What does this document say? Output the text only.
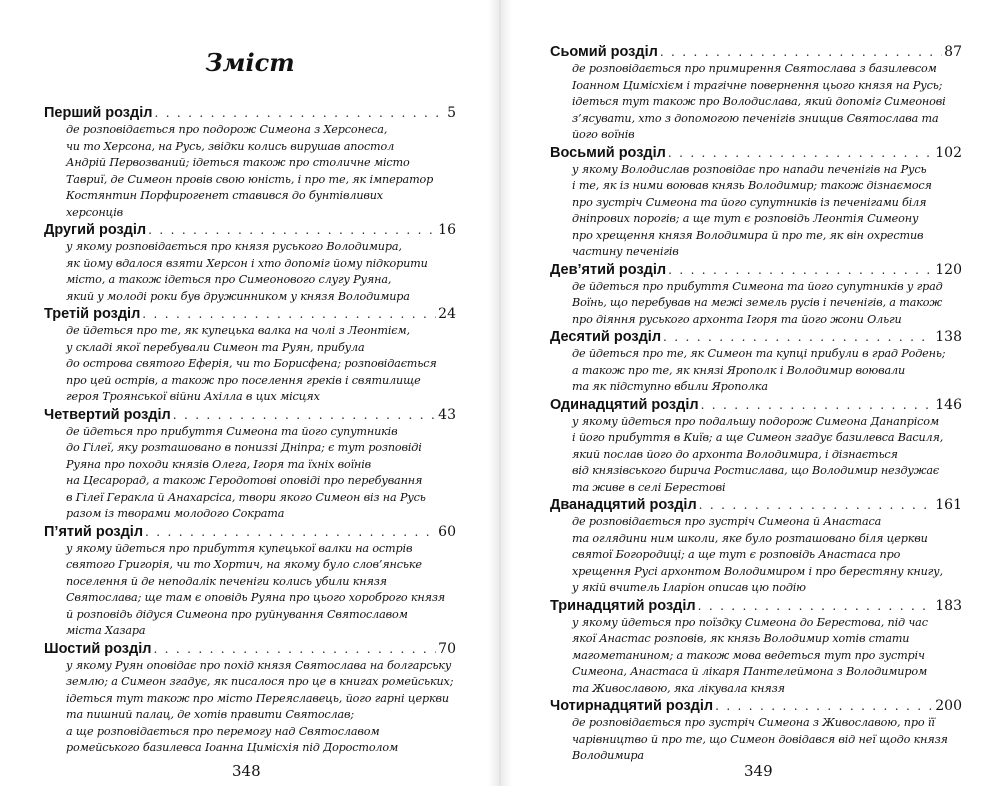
Зміст
Перший розділ . . .	5
де розповідається про подорож Симеона з Херсонеса,
чи то Херсона, на Русь, звідки колись вирушав апостол
Андрій Первозваний; ідеться також про столичне місто
Тавриї, де Симеон провів свою юність, і про те, як імператор
Костянтин Порфирогенет ставився до бунтівливих
херсонців
Другий розділ . . .	16
у якому розповідається про князя руського Володимира,
як йому вдалося взяти Херсон і хто допоміг йому підкорити
місто, а також ідеться про Симеонового слугу Руяна,
який у молоді роки був дружинником у князя Володимира
Третій розділ . . .	24
де йдеться про те, як купецька валка на чолі з Леонтієм,
у складі якої перебували Симеон та Руян, прибула
до острова святого Еферія, чи то Борисфена; розповідається
про цей острів, а також про поселення греків і святилище
героя Троянської війни Ахілла в цих місцях
Четвертий розділ . . .	43
де йдеться про прибуття Симеона та його супутників
до Гілеї, яку розташовано в пониззі Дніпра; є тут розповіді
Руяна про походи князів Олега, Ігоря та їхніх воїнів
на Цесарорад, а також Геродотові оповіді про перебування
в Гілеї Геракла й Анахарсіса, твори якого Симеон віз на Русь
разом із творами молодого Сократа
П’ятий розділ . . .	60
у якому йдеться про прибуття купецької валки на острів
святого Григорія, чи то Хортич, на якому було слов’янське
поселення й де неподалік печеніги колись убили князя
Святослава; ще там є оповідь Руяна про цього хороброго князя
й розповідь дідуся Симеона про руйнування Святославом
міста Хазара
Шостий розділ . . .	70
у якому Руян оповідає про похід князя Святослава на болгарську
землю; а Симеон згадує, як писалося про це в книгах ромейських;
ідеться тут також про місто Переяславець, його гарні церкви
та пишний палац, де хотів правити Святослав;
а ще розповідається про перемогу над Святославом
ромейського базилевса Іоанна Цимісхія під Доростолом
348
Сьомий розділ . . .	87
де розповідається про примирення Святослава з базилевсом
Іоанном Цимісхієм і трагічне повернення цього князя на Русь;
ідеться тут також про Володислава, який допоміг Симеонові
з’ясувати, хто з допомогою печенігів знищив Святослава та
його воїнів
Восьмий розділ . . .	102
у якому Володислав розповідає про напади печенігів на Русь
і те, як із ними воював князь Володимир; також дізнаємося
про зустріч Симеона та його супутників із печенігами біля
дніпрових порогів; а ще тут є розповідь Леонтія Симеону
про хрещення князя Володимира й про те, як він охрестив
частину печенігів
Дев’ятий розділ . . .	120
де йдеться про прибуття Симеона та його супутників у град
Воїнь, що перебував на межі земель русів і печенігів, а також
про діяння руського архонта Ігоря та його жони Ольги
Десятий розділ . . .	138
де йдеться про те, як Симеон та купці прибули в град Родень;
а також про те, як князі Ярополк і Володимир воювали
та як підступно вбили Ярополка
Одинадцятий розділ . . .	146
у якому йдеться про подальшу подорож Симеона Данапрісом
і його прибуття в Київ; а ще Симеон згадує базилевса Василя,
який послав його до архонта Володимира, і дізнається
від князівського бирича Ростислава, що Володимир нездужає
та живе в селі Берестові
Дванадцятий розділ . . .	161
де розповідається про зустріч Симеона й Анастаса
та оглядини ним школи, яке було розташовано біля церкви
святої Богородиці; а ще тут є розповідь Анастаса про
хрещення Русі архонтом Володимиром і про берестяну книгу,
у якій вчитель Іларіон описав цю подію
Тринадцятий розділ . . .	183
у якому йдеться про поїздку Симеона до Берестова, під час
якої Анастас розповів, як князь Володимир хотів стати
магометанином; а також мова ведеться тут про зустріч
Симеона, Анастаса й лікаря Пантелеймона з Володимиром
та Живославою, яка лікувала князя
Чотирнадцятий розділ . . .	200
де розповідається про зустріч Симеона з Живославою, про її
чарівництво й про те, що Симеон довідався від неї щодо князя
Володимира
349
